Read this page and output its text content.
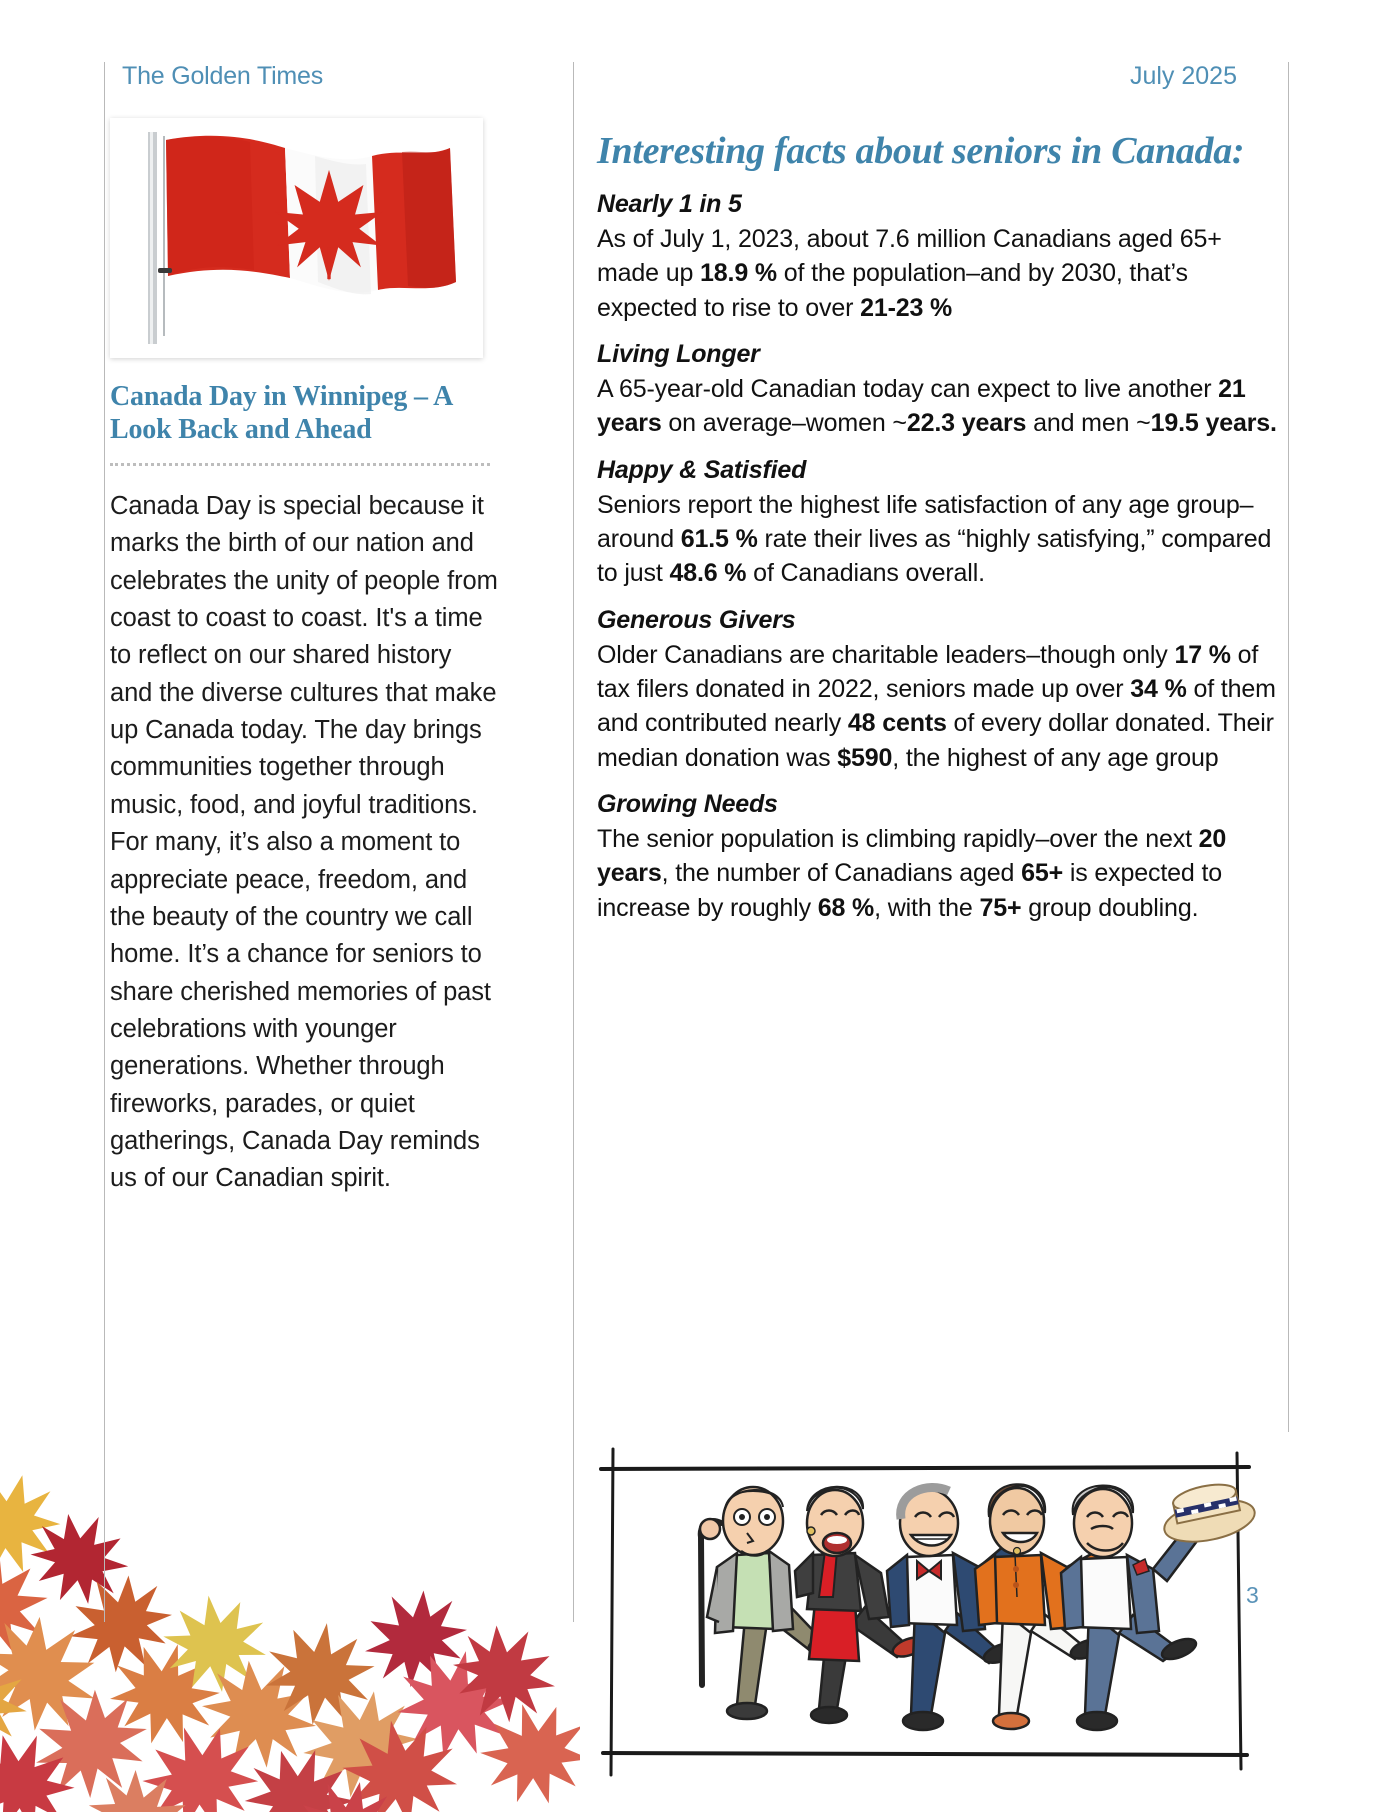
The Golden Times	July 2025
Canada Day in Winnipeg – A Look Back and Ahead
Canada Day is special because it marks the birth of our nation and celebrates the unity of people from coast to coast to coast. It's a time to reflect on our shared history and the diverse cultures that make up Canada today. The day brings communities together through music, food, and joyful traditions. For many, it’s also a moment to appreciate peace, freedom, and the beauty of the country we call home. It’s a chance for seniors to share cherished memories of past celebrations with younger generations. Whether through fireworks, parades, or quiet gatherings, Canada Day reminds us of our Canadian spirit.
Interesting facts about seniors in Canada:
Nearly 1 in 5
As of July 1, 2023, about 7.6 million Canadians aged 65+ made up 18.9 % of the population–and by 2030, that’s expected to rise to over 21-23 %
Living Longer
A 65-year-old Canadian today can expect to live another 21 years on average–women ~22.3 years and men ~19.5 years.
Happy & Satisfied
Seniors report the highest life satisfaction of any age group–around 61.5 % rate their lives as “highly satisfying,” compared to just 48.6 % of Canadians overall.
Generous Givers
Older Canadians are charitable leaders–though only 17 % of tax filers donated in 2022, seniors made up over 34 % of them and contributed nearly 48 cents of every dollar donated. Their median donation was $590, the highest of any age group
Growing Needs
The senior population is climbing rapidly–over the next 20 years, the number of Canadians aged 65+ is expected to increase by roughly 68 %, with the 75+ group doubling.
3
